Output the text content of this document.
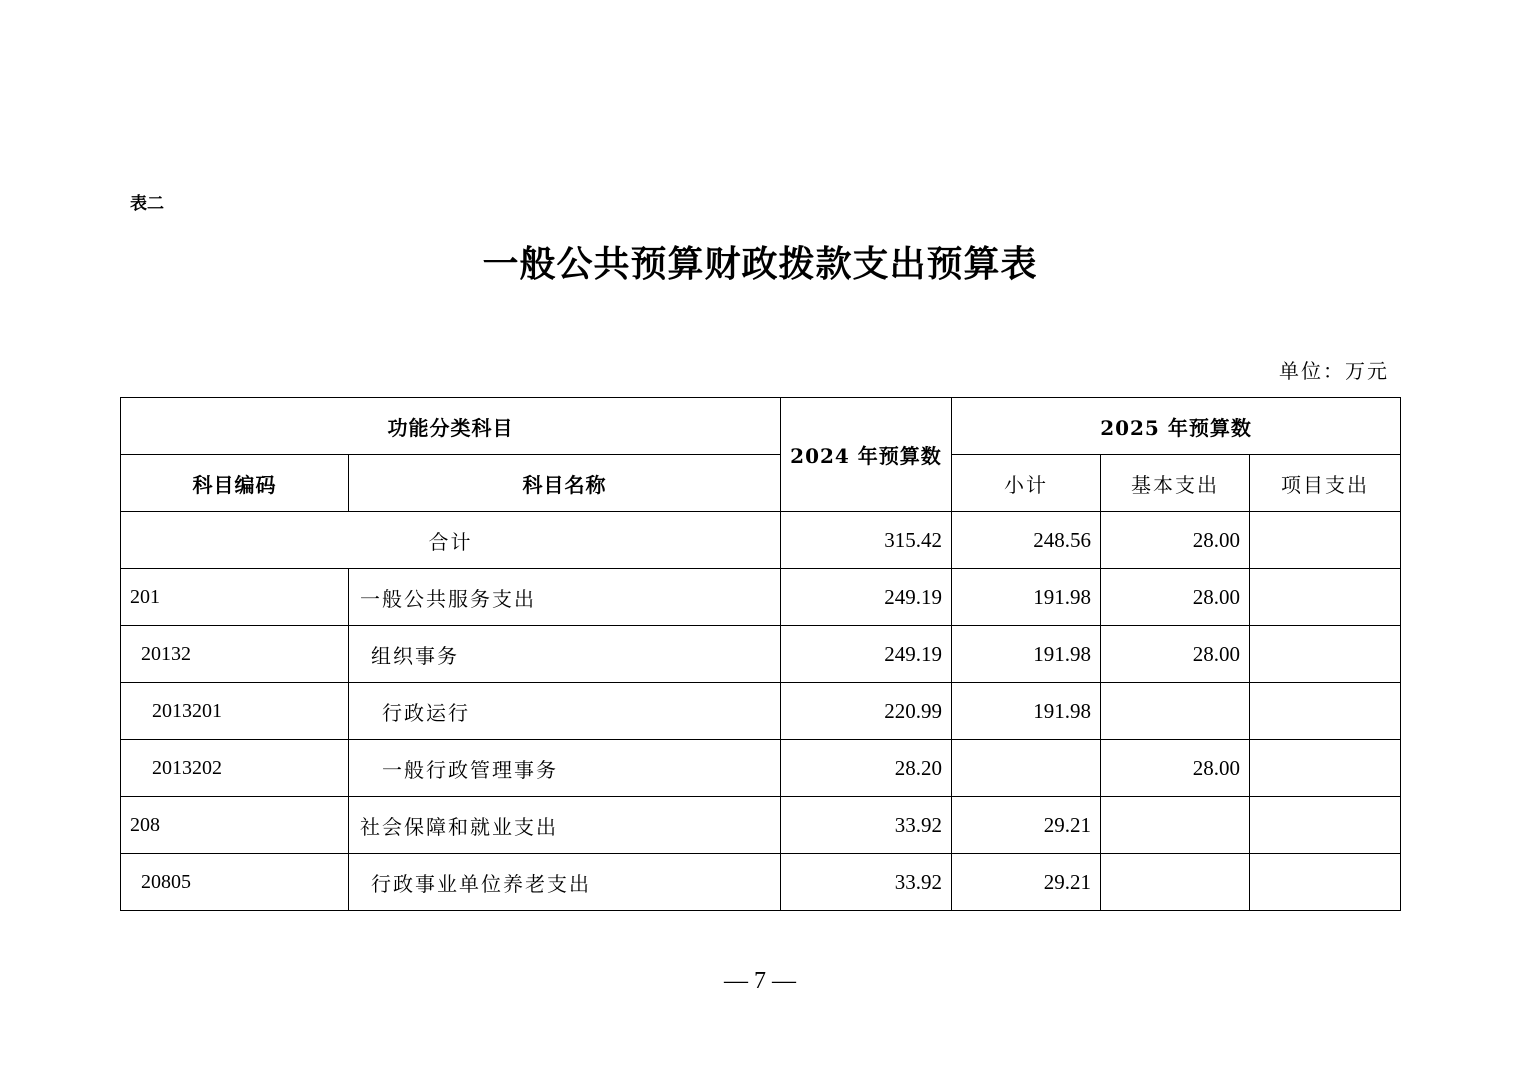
表二
一般公共预算财政拨款支出预算表
单位：万元
功能分类科目		2024 年预算数	2025 年预算数		
科目编码	科目名称		小计	基本支出	项目支出
合计		315.42	248.56	28.00	
201	一般公共服务支出	249.19	191.98	28.00	
20132	组织事务	249.19	191.98	28.00	
2013201	行政运行	220.99	191.98		
2013202	一般行政管理事务	28.20		28.00	
208	社会保障和就业支出	33.92	29.21		
20805	行政事业单位养老支出	33.92	29.21		
— 7 —
